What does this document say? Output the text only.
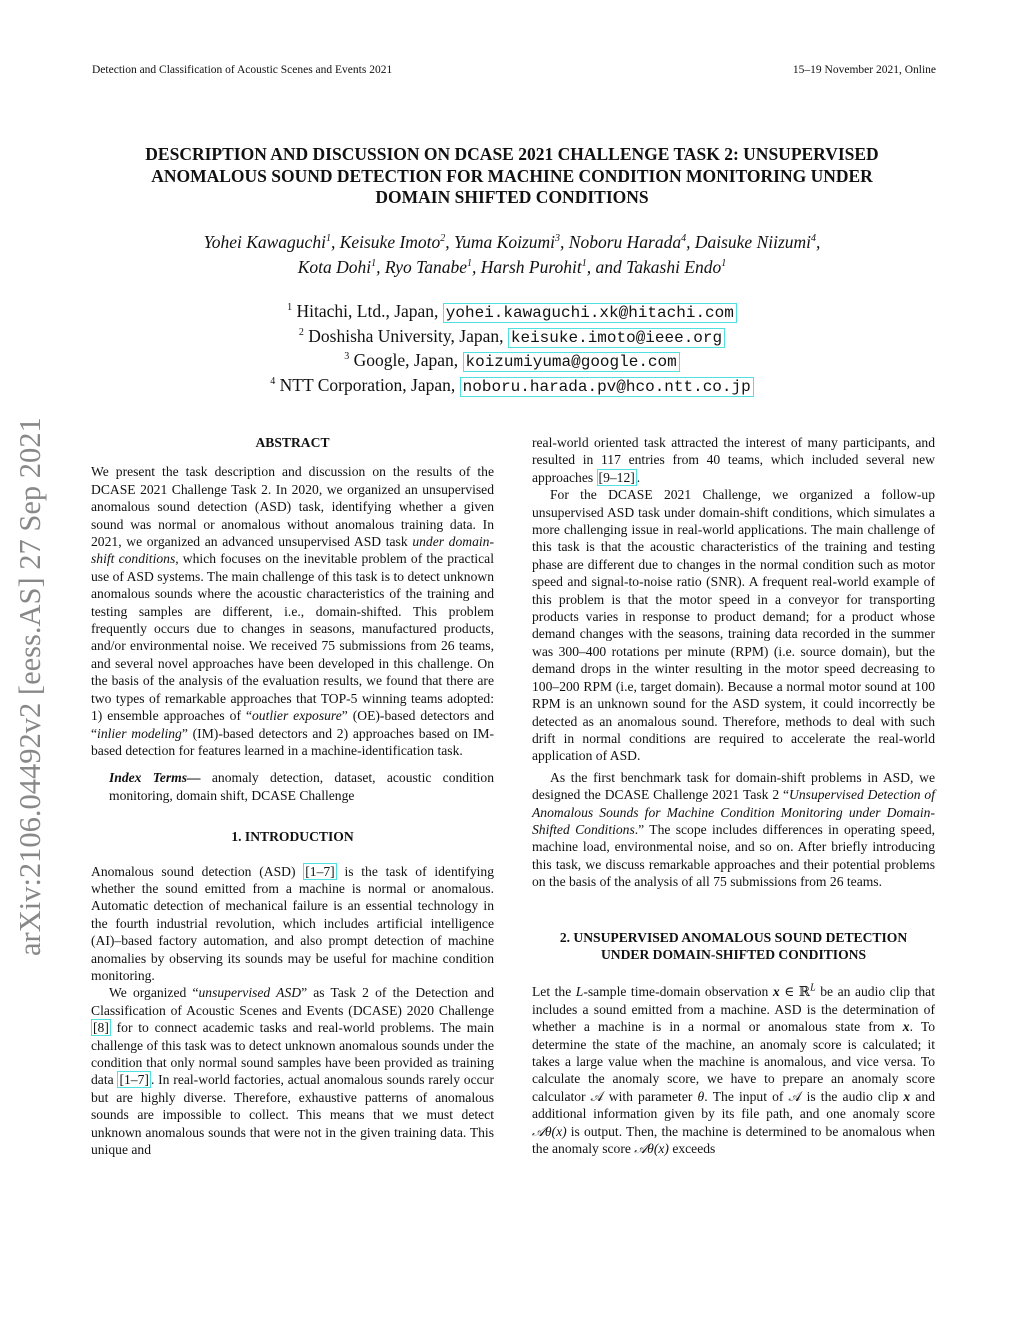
Detection and Classification of Acoustic Scenes and Events 2021	15–19 November 2021, Online
DESCRIPTION AND DISCUSSION ON DCASE 2021 CHALLENGE TASK 2: UNSUPERVISED
ANOMALOUS SOUND DETECTION FOR MACHINE CONDITION MONITORING UNDER
DOMAIN SHIFTED CONDITIONS
Yohei Kawaguchi$^1$, Keisuke Imoto$^2$, Yuma Koizumi$^3$, Noboru Harada$^4$, Daisuke Niizumi$^4$,
Kota Dohi$^1$, Ryo Tanabe$^1$, Harsh Purohit$^1$, and Takashi Endo$^1$
$^1$ Hitachi, Ltd., Japan, yohei.kawaguchi.xk@hitachi.com
$^2$ Doshisha University, Japan, keisuke.imoto@ieee.org
$^3$ Google, Japan, koizumiyuma@google.com
$^4$ NTT Corporation, Japan, noboru.harada.pv@hco.ntt.co.jp
arXiv:2106.04492v2 [eess.AS] 27 Sep 2021	ABSTRACT

We present the task description and discussion on the results of the DCASE 2021 Challenge Task 2. In 2020, we organized an unsupervised anomalous sound detection (ASD) task, identifying whether a given sound was normal or anomalous without anomalous training data. In 2021, we organized an advanced unsupervised ASD task under domain-shift conditions, which focuses on the inevitable problem of the practical use of ASD systems. The main challenge of this task is to detect unknown anomalous sounds where the acoustic characteristics of the training and testing samples are different, i.e., domain-shifted. This problem frequently occurs due to changes in seasons, manufactured products, and/or environmental noise. We received 75 submissions from 26 teams, and several novel approaches have been developed in this challenge. On the basis of the analysis of the evaluation results, we found that there are two types of remarkable approaches that TOP-5 winning teams adopted: 1) ensemble approaches of “outlier exposure” (OE)-based detectors and “inlier modeling” (IM)-based detectors and 2) approaches based on IM-based detection for features learned in a machine-identification task.

Index Terms— anomaly detection, dataset, acoustic condition monitoring, domain shift, DCASE Challenge

1. INTRODUCTION

Anomalous sound detection (ASD) [1–7] is the task of identifying whether the sound emitted from a machine is normal or anomalous. Automatic detection of mechanical failure is an essential technology in the fourth industrial revolution, which includes artificial intelligence (AI)–based factory automation, and also prompt detection of machine anomalies by observing its sounds may be useful for machine condition monitoring.

We organized “unsupervised ASD” as Task 2 of the Detection and Classification of Acoustic Scenes and Events (DCASE) 2020 Challenge [8] for to connect academic tasks and real-world problems. The main challenge of this task was to detect unknown anomalous sounds under the condition that only normal sound samples have been provided as training data [1–7] . In real-world factories, actual anomalous sounds rarely occur but are highly diverse. Therefore, exhaustive patterns of anomalous sounds are impossible to collect. This means that we must detect unknown anomalous sounds that were not in the given training data. This unique and

real-world oriented task attracted the interest of many participants, and resulted in 117 entries from 40 teams, which included several new approaches [9–12] .

For the DCASE 2021 Challenge, we organized a follow-up unsupervised ASD task under domain-shift conditions, which simulates a more challenging issue in real-world applications. The main challenge of this task is that the acoustic characteristics of the training and testing phase are different due to changes in the normal condition such as motor speed and signal-to-noise ratio (SNR). A frequent real-world example of this problem is that the motor speed in a conveyor for transporting products varies in response to product demand; for a product whose demand changes with the seasons, training data recorded in the summer was 300–400 rotations per minute (RPM) (i.e. source domain), but the demand drops in the winter resulting in the motor speed decreasing to 100–200 RPM (i.e, target domain). Because a normal motor sound at 100 RPM is an unknown sound for the ASD system, it could incorrectly be detected as an anomalous sound. Therefore, methods to deal with such drift in normal conditions are required to accelerate the real-world application of ASD.

As the first benchmark task for domain-shift problems in ASD, we designed the DCASE Challenge 2021 Task 2 “Unsupervised Detection of Anomalous Sounds for Machine Condition Monitoring under Domain-Shifted Conditions.” The scope includes differences in operating speed, machine load, environmental noise, and so on. After briefly introducing this task, we discuss remarkable approaches and their potential problems on the basis of the analysis of all 75 submissions from 26 teams.

2. UNSUPERVISED ANOMALOUS SOUND DETECTION
UNDER DOMAIN-SHIFTED CONDITIONS

Let the L-sample time-domain observation x ∈ ℝ$^L$ be an audio clip that includes a sound emitted from a machine. ASD is the determination of whether a machine is in a normal or anomalous state from x. To determine the state of the machine, an anomaly score is calculated; it takes a large value when the machine is anomalous, and vice versa. To calculate the anomaly score, we have to prepare an anomaly score calculator 𝒜 with parameter θ. The input of 𝒜 is the audio clip x and additional information given by its file path, and one anomaly score 𝒜θ(x) is output. Then, the machine is determined to be anomalous when the anomaly score 𝒜θ(x) exceeds
